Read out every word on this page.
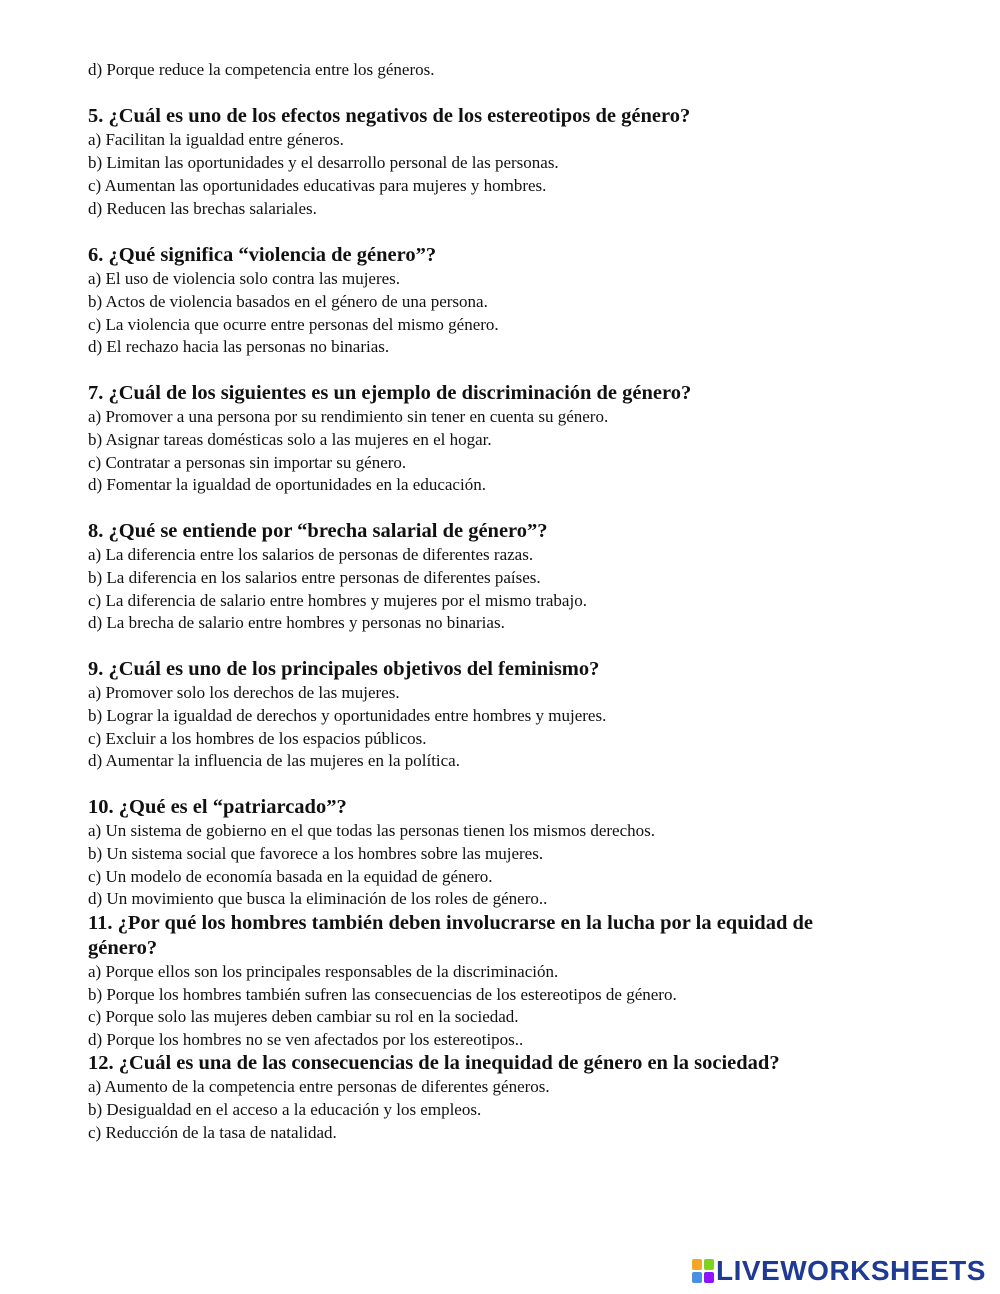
d) Porque reduce la competencia entre los géneros.
5. ¿Cuál es uno de los efectos negativos de los estereotipos de género?
a) Facilitan la igualdad entre géneros.
b) Limitan las oportunidades y el desarrollo personal de las personas.
c) Aumentan las oportunidades educativas para mujeres y hombres.
d) Reducen las brechas salariales.
6. ¿Qué significa “violencia de género”?
a) El uso de violencia solo contra las mujeres.
b) Actos de violencia basados en el género de una persona.
c) La violencia que ocurre entre personas del mismo género.
d) El rechazo hacia las personas no binarias.
7. ¿Cuál de los siguientes es un ejemplo de discriminación de género?
a) Promover a una persona por su rendimiento sin tener en cuenta su género.
b) Asignar tareas domésticas solo a las mujeres en el hogar.
c) Contratar a personas sin importar su género.
d) Fomentar la igualdad de oportunidades en la educación.
8. ¿Qué se entiende por “brecha salarial de género”?
a) La diferencia entre los salarios de personas de diferentes razas.
b) La diferencia en los salarios entre personas de diferentes países.
c) La diferencia de salario entre hombres y mujeres por el mismo trabajo.
d) La brecha de salario entre hombres y personas no binarias.
9. ¿Cuál es uno de los principales objetivos del feminismo?
a) Promover solo los derechos de las mujeres.
b) Lograr la igualdad de derechos y oportunidades entre hombres y mujeres.
c) Excluir a los hombres de los espacios públicos.
d) Aumentar la influencia de las mujeres en la política.
10. ¿Qué es el “patriarcado”?
a) Un sistema de gobierno en el que todas las personas tienen los mismos derechos.
b) Un sistema social que favorece a los hombres sobre las mujeres.
c) Un modelo de economía basada en la equidad de género.
d) Un movimiento que busca la eliminación de los roles de género..
11. ¿Por qué los hombres también deben involucrarse en la lucha por la equidad de
género?
a) Porque ellos son los principales responsables de la discriminación.
b) Porque los hombres también sufren las consecuencias de los estereotipos de género.
c) Porque solo las mujeres deben cambiar su rol en la sociedad.
d) Porque los hombres no se ven afectados por los estereotipos..
12. ¿Cuál es una de las consecuencias de la inequidad de género en la sociedad?
a) Aumento de la competencia entre personas de diferentes géneros.
b) Desigualdad en el acceso a la educación y los empleos.
c) Reducción de la tasa de natalidad.
LIVEWORKSHEETS
